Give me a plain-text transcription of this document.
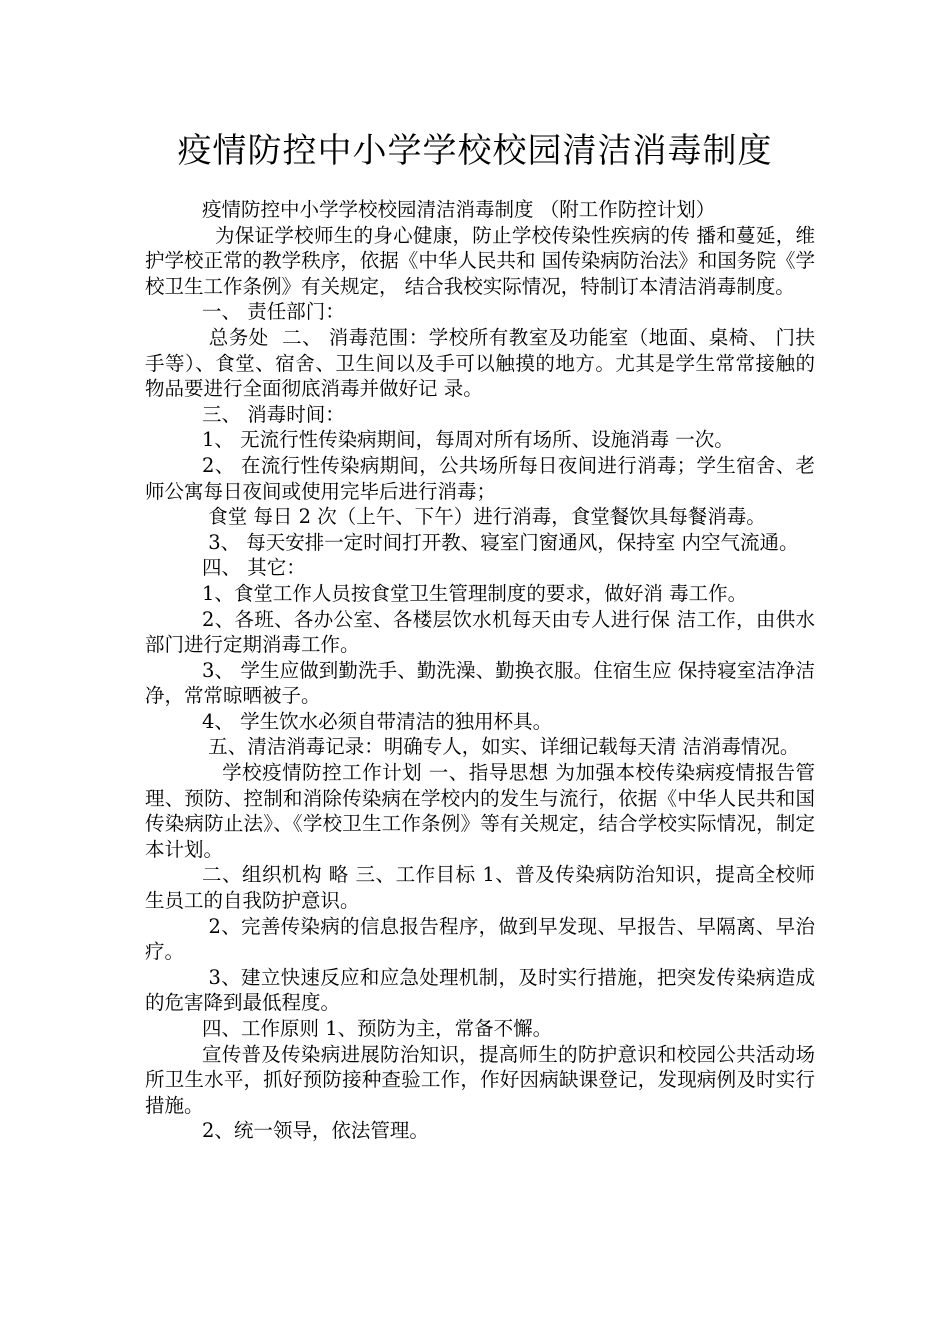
疫情防控中小学学校校园清洁消毒制度

疫情防控中小学学校校园清洁消毒制度 （附工作防控计划）

为保证学校师生的身心健康，防止学校传染性疾病的传 播和蔓延，维护学校正常的教学秩序，依据《中华人民共和 国传染病防治法》和国务院《学校卫生工作条例》有关规定， 结合我校实际情况，特制订本清洁消毒制度。

一、 责任部门：

总务处  二、 消毒范围：学校所有教室及功能室（地面、桌椅、 门扶手等）、食堂、宿舍、卫生间以及手可以触摸的地方。尤其是学生常常接触的物品要进行全面彻底消毒并做好记 录。

三、 消毒时间：

1、 无流行性传染病期间，每周对所有场所、设施消毒 一次。

2、 在流行性传染病期间，公共场所每日夜间进行消毒；学生宿舍、老师公寓每日夜间或使用完毕后进行消毒；

食堂 每日 2 次（上午、下午）进行消毒，食堂餐饮具每餐消毒。

3、 每天安排一定时间打开教、寝室门窗通风，保持室 内空气流通。

四、 其它：

1、食堂工作人员按食堂卫生管理制度的要求，做好消 毒工作。

2、各班、各办公室、各楼层饮水机每天由专人进行保 洁工作，由供水部门进行定期消毒工作。

3、 学生应做到勤洗手、勤洗澡、勤换衣服。住宿生应 保持寝室洁净洁净，常常晾晒被子。

4、 学生饮水必须自带清洁的独用杯具。

五、清洁消毒记录：明确专人，如实、详细记载每天清 洁消毒情况。

学校疫情防控工作计划 一、指导思想 为加强本校传染病疫情报告管理、预防、控制和消除传染病在学校内的发生与流行，依据《中华人民共和国传染病防止法》、《学校卫生工作条例》等有关规定，结合学校实际情况，制定本计划。

二、组织机构 略 三、工作目标 1、普及传染病防治知识，提高全校师生员工的自我防护意识。

2、完善传染病的信息报告程序，做到早发现、早报告、早隔离、早治疗。

3、建立快速反应和应急处理机制，及时实行措施，把突发传染病造成的危害降到最低程度。

四、工作原则 1、预防为主，常备不懈。

宣传普及传染病进展防治知识，提高师生的防护意识和校园公共活动场所卫生水平，抓好预防接种查验工作，作好因病缺课登记，发现病例及时实行措施。

2、统一领导，依法管理。
